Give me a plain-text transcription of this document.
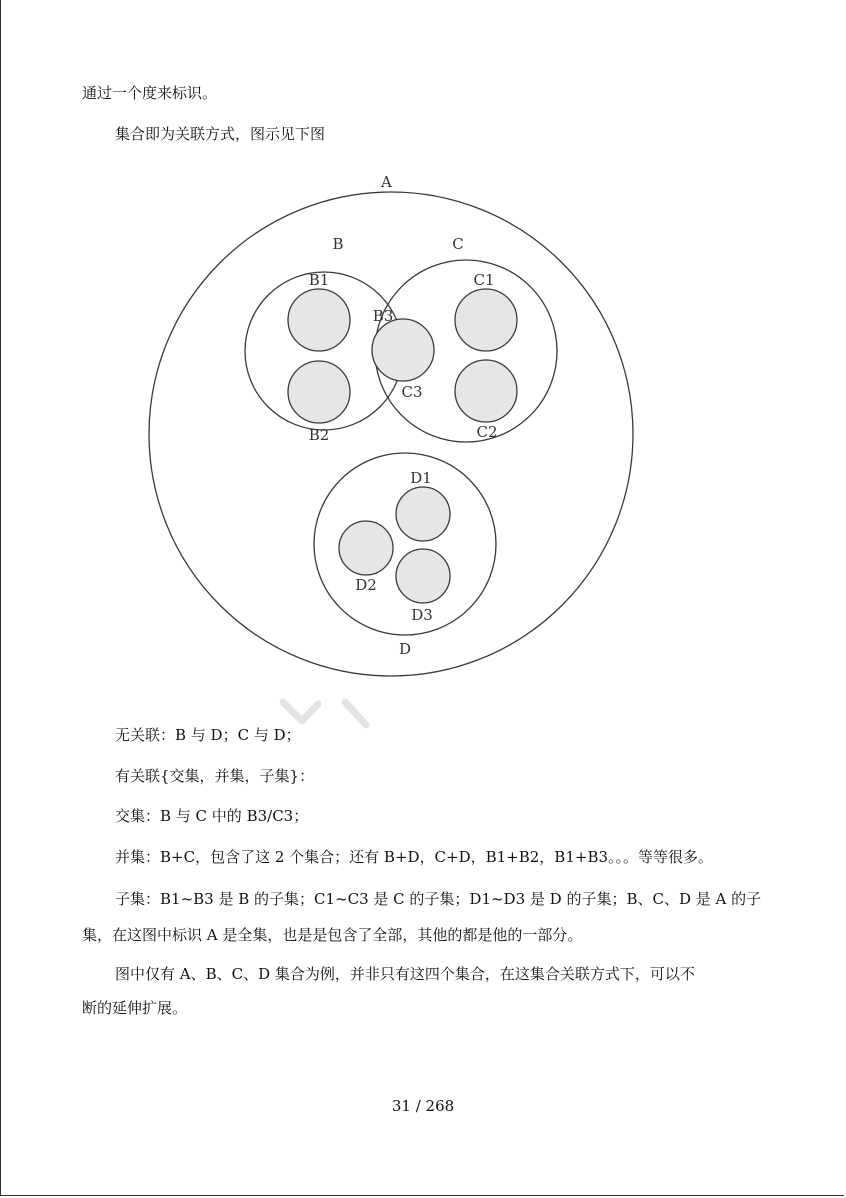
通过一个度来标识。
集合即为关联方式，图示见下图
A
B
B1
B2
C
C1
C2
B3
C3
D
D1
D2
D3
无关联：B 与 D；C 与 D；
有关联{交集，并集，子集}：
交集：B 与 C 中的 B3/C3；
并集：B+C，包含了这 2 个集合；还有 B+D，C+D，B1+B2，B1+B3。。。等等很多。
子集：B1~B3 是 B 的子集；C1~C3 是 C 的子集；D1~D3 是 D 的子集；B、C、D 是 A 的子
集，在这图中标识 A 是全集，也是是包含了全部，其他的都是他的一部分。
图中仅有 A、B、C、D 集合为例，并非只有这四个集合，在这集合关联方式下，可以不
断的延伸扩展。
31 / 268
